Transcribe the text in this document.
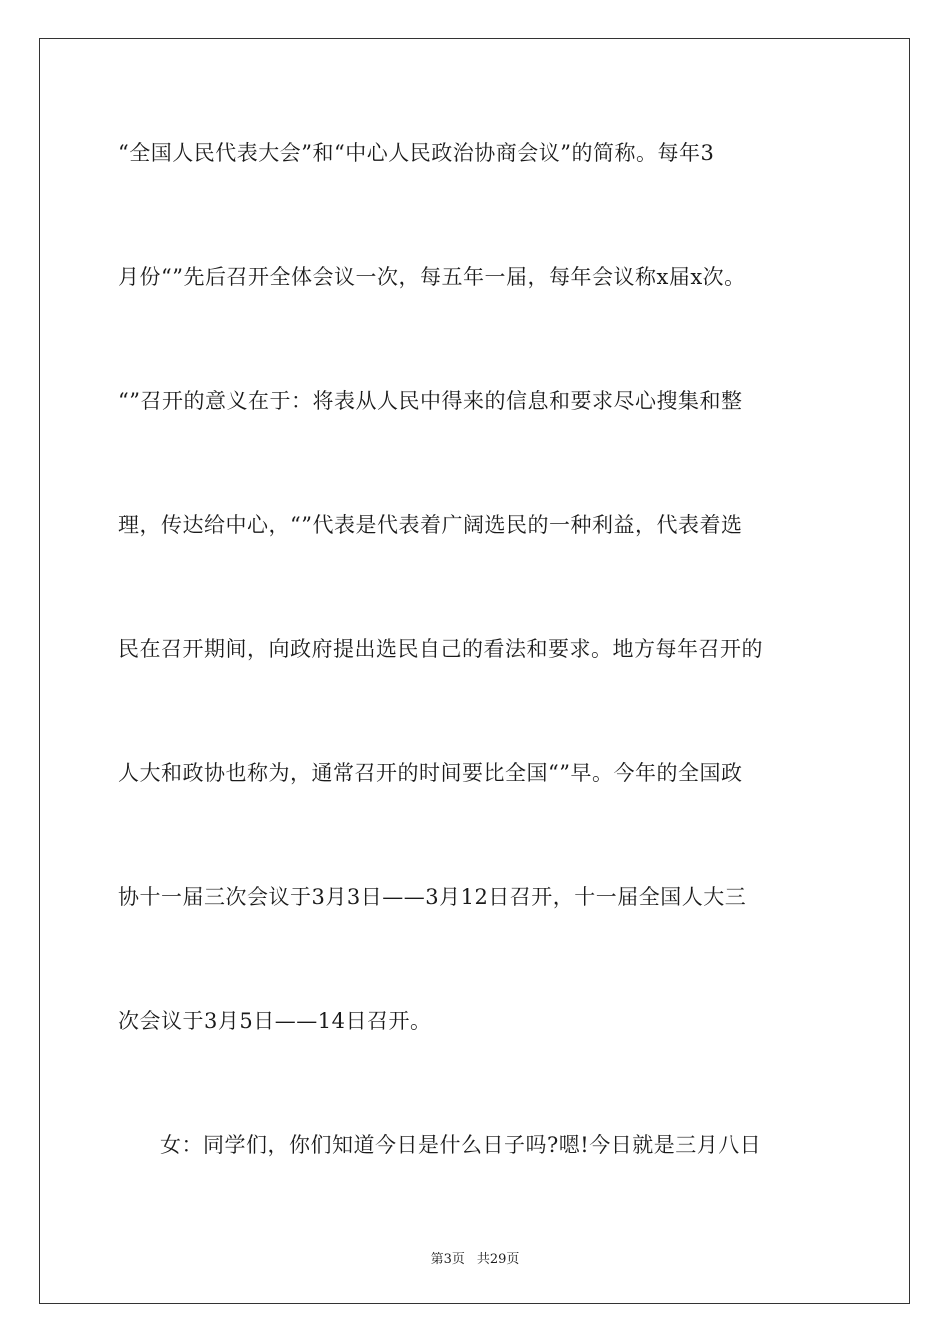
“全国人民代表大会”和“中心人民政治协商会议”的简称。每年3
月份“”先后召开全体会议一次，每五年一届，每年会议称x届x次。
“”召开的意义在于：将表从人民中得来的信息和要求尽心搜集和整
理，传达给中心，“”代表是代表着广阔选民的一种利益，代表着选
民在召开期间，向政府提出选民自己的看法和要求。地方每年召开的
人大和政协也称为，通常召开的时间要比全国“”早。今年的全国政
协十一届三次会议于3月3日——3月12日召开，十一届全国人大三
次会议于3月5日——14日召开。
女：同学们，你们知道今日是什么日子吗?嗯!今日就是三月八日
第3页 共29页
